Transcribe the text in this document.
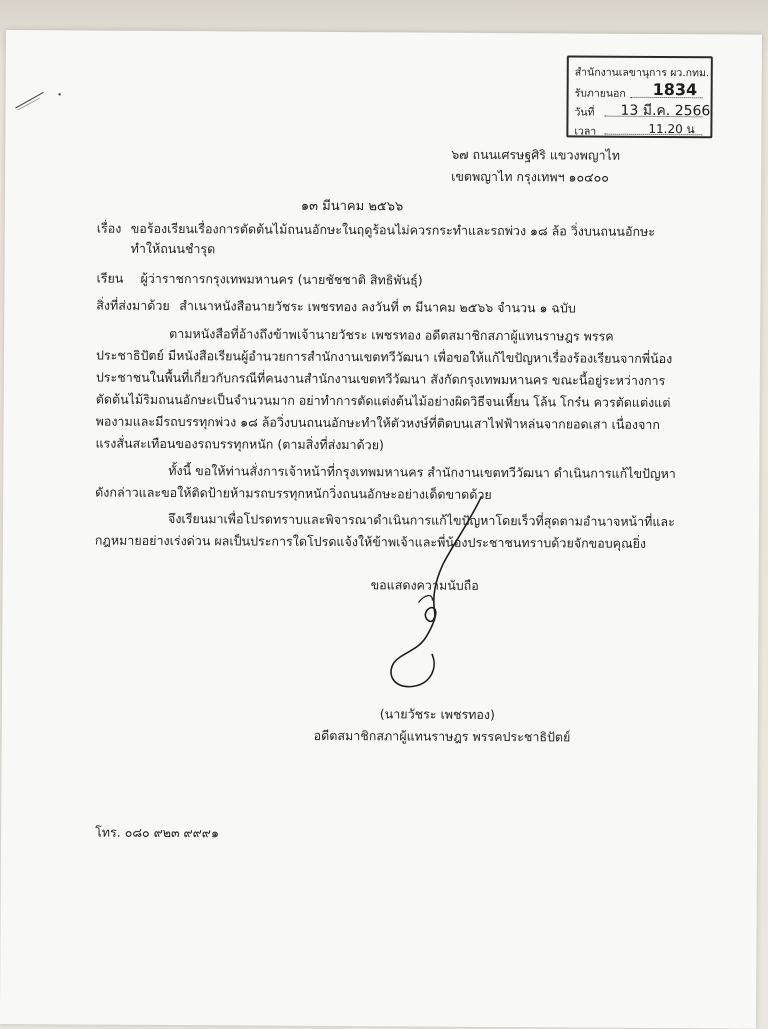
สำนักงานเลขานุการ ผว.กทม.
รับภายนอก 1834
วันที่ 13 มี.ค. 2566
เวลา	11.20 น
๖๗ ถนนเศรษฐศิริ แขวงพญาไท
เขตพญาไท กรุงเทพฯ ๑๐๔๐๐
๑๓ มีนาคม ๒๕๖๖
เรื่อง ขอร้องเรียนเรื่องการตัดต้นไม้ถนนอักษะในฤดูร้อนไม่ควรกระทำและรถพ่วง ๑๘ ล้อ วิ่งบนถนนอักษะ
ทำให้ถนนชำรุด
เรียน ผู้ว่าราชการกรุงเทพมหานคร (นายชัชชาติ สิทธิพันธุ์)
สิ่งที่ส่งมาด้วย สำเนาหนังสือนายวัชระ เพชรทอง ลงวันที่ ๓ มีนาคม ๒๕๖๖ จำนวน ๑ ฉบับ
ตามหนังสือที่อ้างถึงข้าพเจ้านายวัชระ เพชรทอง อดีตสมาชิกสภาผู้แทนราษฎร พรรค
ประชาธิปัตย์ มีหนังสือเรียนผู้อำนวยการสำนักงานเขตทวีวัฒนา เพื่อขอให้แก้ไขปัญหาเรื่องร้องเรียนจากพี่น้อง
ประชาชนในพื้นที่เกี่ยวกับกรณีที่คนงานสำนักงานเขตทวีวัฒนา สังกัดกรุงเทพมหานคร ขณะนี้อยู่ระหว่างการ
ตัดต้นไม้ริมถนนอักษะเป็นจำนวนมาก อย่าทำการตัดแต่งต้นไม้อย่างผิดวิธีจนเหี้ยน โล้น โกร๋น ควรตัดแต่งแต่
พองามและมีรถบรรทุกพ่วง ๑๘ ล้อวิ่งบนถนนอักษะทำให้ตัวหงษ์ที่ติดบนเสาไฟฟ้าหล่นจากยอดเสา เนื่องจาก
แรงสั่นสะเทือนของรถบรรทุกหนัก (ตามสิ่งที่ส่งมาด้วย)
ทั้งนี้ ขอให้ท่านสั่งการเจ้าหน้าที่กรุงเทพมหานคร สำนักงานเขตทวีวัฒนา ดำเนินการแก้ไขปัญหา
ดังกล่าวและขอให้ติดป้ายห้ามรถบรรทุกหนักวิ่งถนนอักษะอย่างเด็ดขาดด้วย
จึงเรียนมาเพื่อโปรดทราบและพิจารณาดำเนินการแก้ไขปัญหาโดยเร็วที่สุดตามอำนาจหน้าที่และ
กฎหมายอย่างเร่งด่วน ผลเป็นประการใดโปรดแจ้งให้ข้าพเจ้าและพี่น้องประชาชนทราบด้วยจักขอบคุณยิ่ง
ขอแสดงความนับถือ
(นายวัชระ เพชรทอง)
อดีตสมาชิกสภาผู้แทนราษฎร พรรคประชาธิปัตย์
โทร. ๐๘๐ ๙๒๓ ๙๙๙๑
